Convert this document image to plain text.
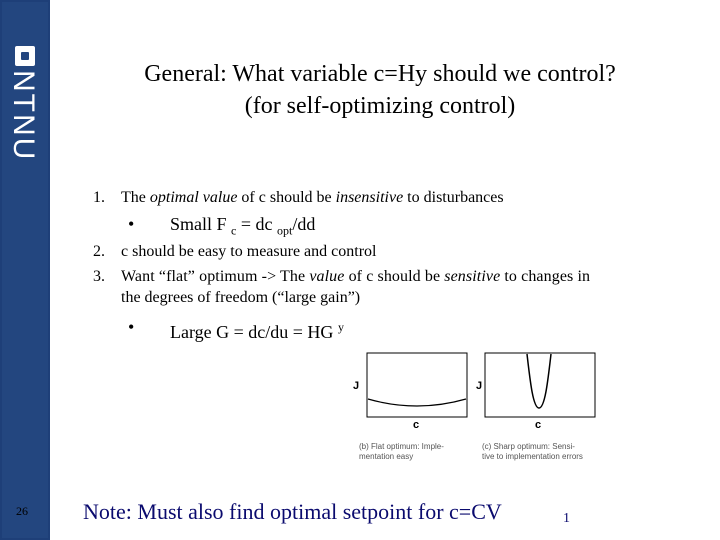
NTNU
26
General: What variable c=Hy should we control?
(for self-optimizing control)
1. The optimal value of c should be insensitive to disturbances
• Small F $_c$ = dc $_{opt}$/dd
2. c should be easy to measure and control
3. Want “flat” optimum -> The value of c should be sensitive to changes in
the degrees of freedom (“large gain”)
• Large G = dc/du = HG $^y$
J
c
(b) Flat optimum: Imple-
mentation easy
J
c
(c) Sharp optimum: Sensi-
tive to implementation errors
Note: Must also find optimal setpoint for c=CV	1
